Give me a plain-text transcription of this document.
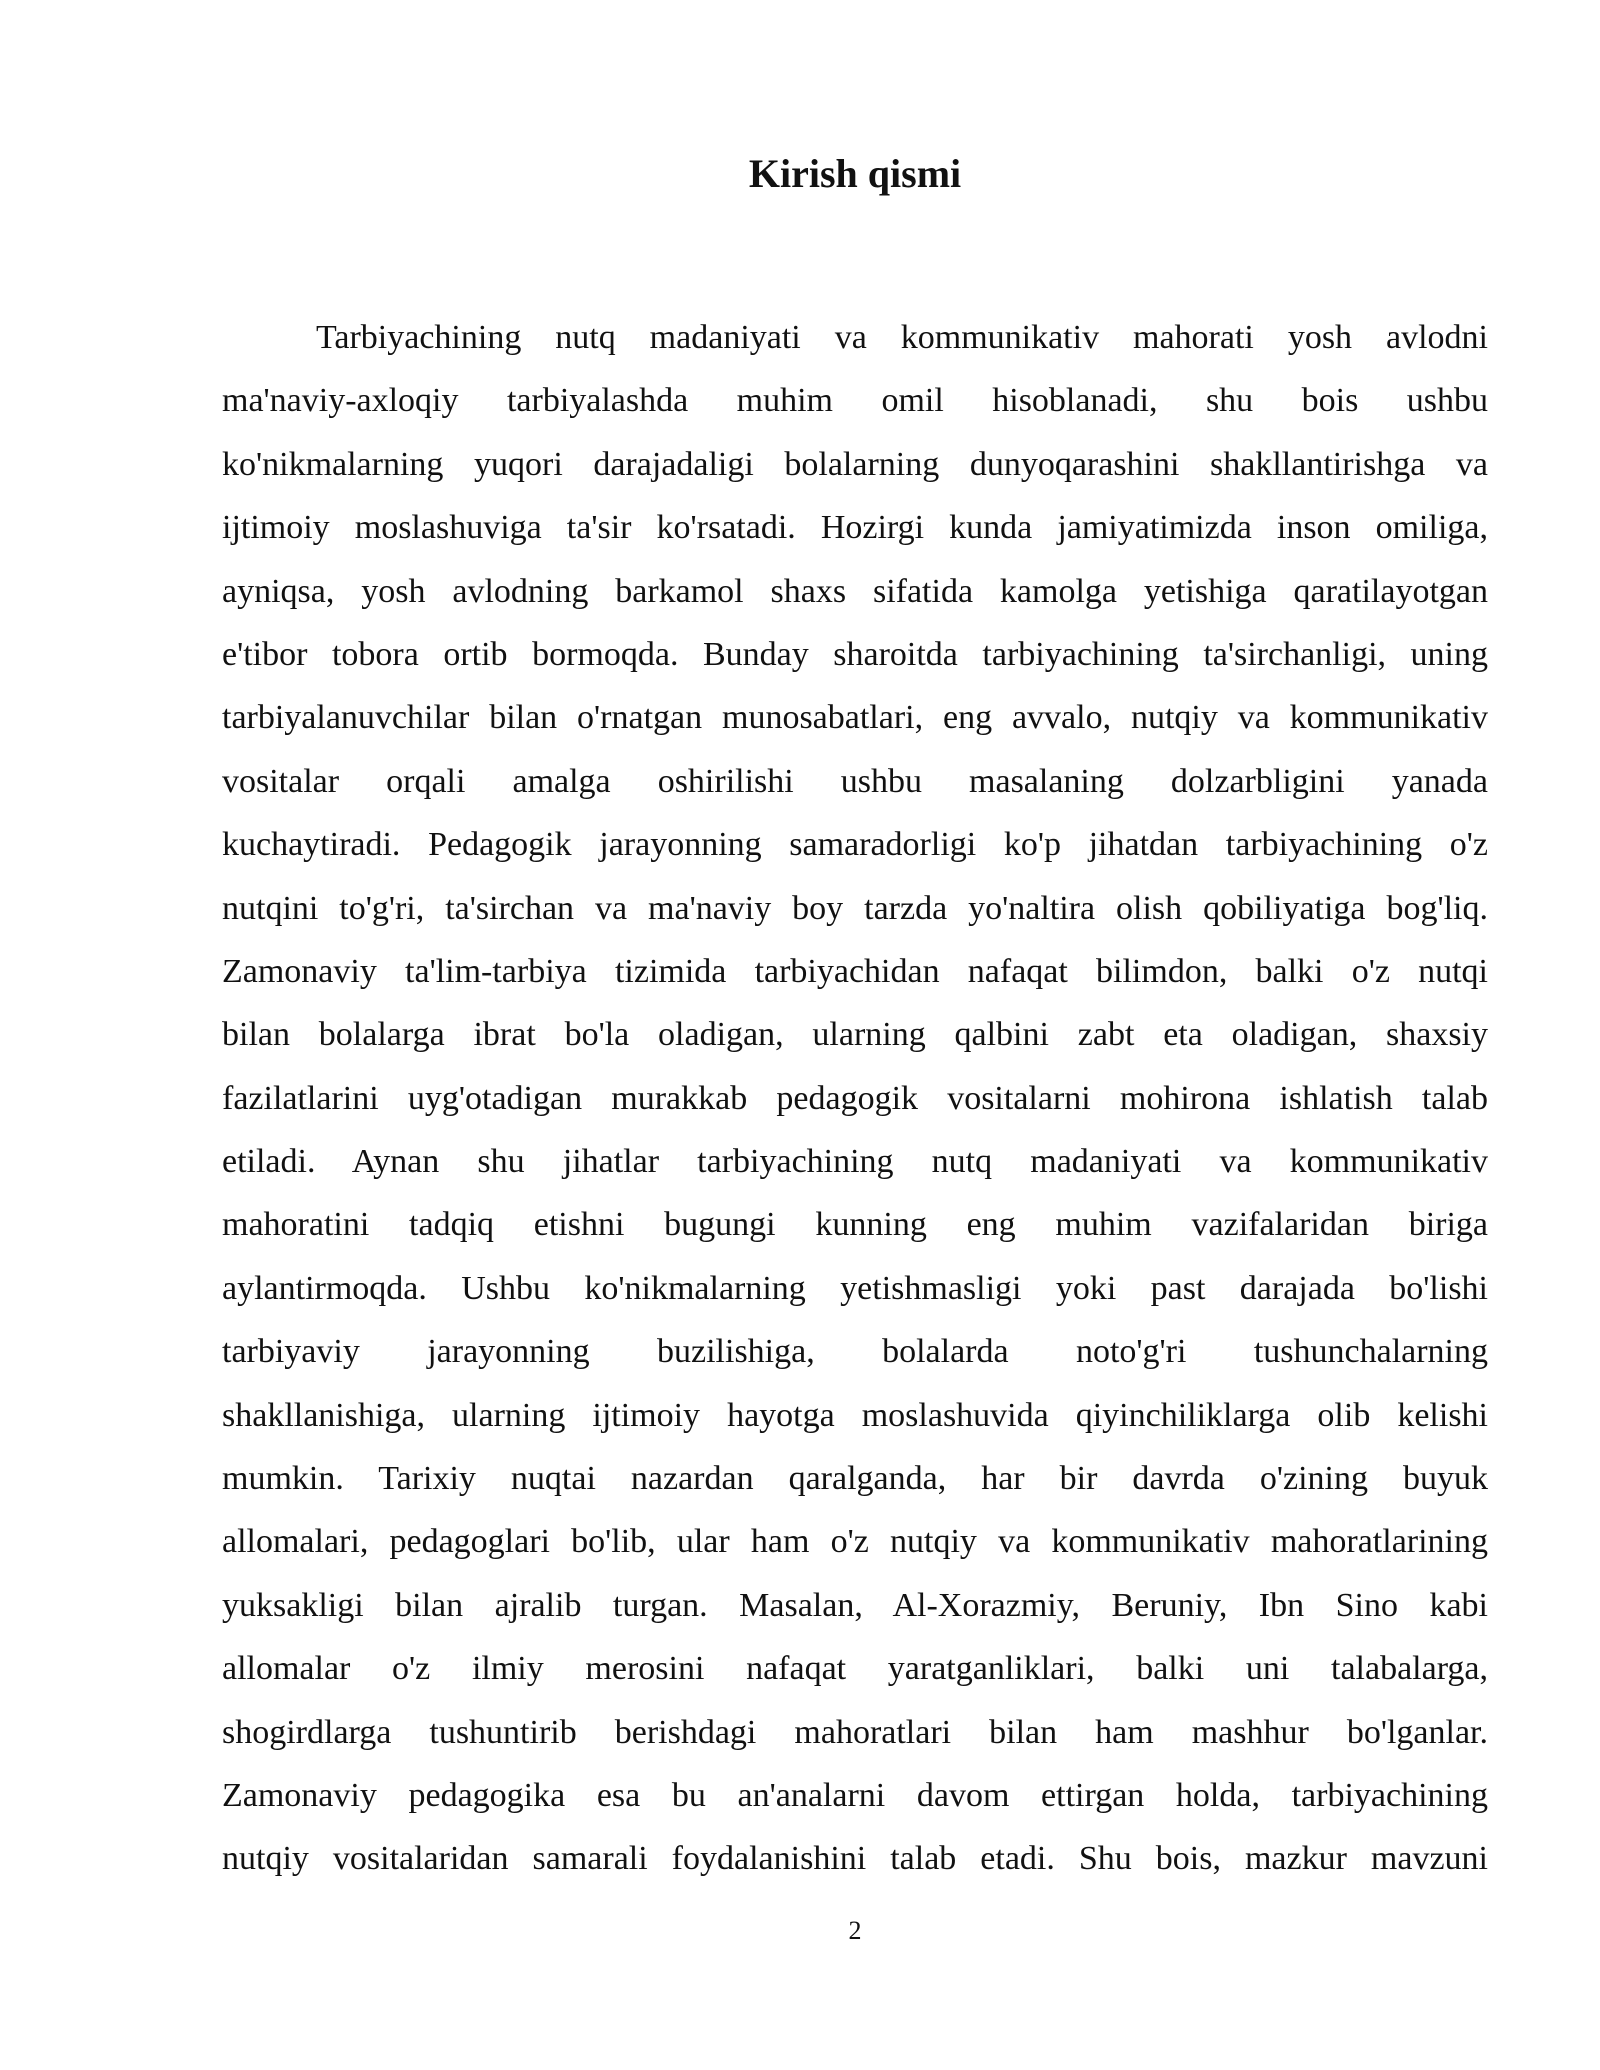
Kirish qismi
Tarbiyachining nutq madaniyati va kommunikativ mahorati yosh avlodni
ma'naviy-axloqiy tarbiyalashda muhim omil hisoblanadi, shu bois ushbu
ko'nikmalarning yuqori darajadaligi bolalarning dunyoqarashini shakllantirishga va
ijtimoiy moslashuviga ta'sir ko'rsatadi. Hozirgi kunda jamiyatimizda inson omiliga,
ayniqsa, yosh avlodning barkamol shaxs sifatida kamolga yetishiga qaratilayotgan
e'tibor tobora ortib bormoqda. Bunday sharoitda tarbiyachining ta'sirchanligi, uning
tarbiyalanuvchilar bilan o'rnatgan munosabatlari, eng avvalo, nutqiy va kommunikativ
vositalar orqali amalga oshirilishi ushbu masalaning dolzarbligini yanada
kuchaytiradi. Pedagogik jarayonning samaradorligi ko'p jihatdan tarbiyachining o'z
nutqini to'g'ri, ta'sirchan va ma'naviy boy tarzda yo'naltira olish qobiliyatiga bog'liq.
Zamonaviy ta'lim-tarbiya tizimida tarbiyachidan nafaqat bilimdon, balki o'z nutqi
bilan bolalarga ibrat bo'la oladigan, ularning qalbini zabt eta oladigan, shaxsiy
fazilatlarini uyg'otadigan murakkab pedagogik vositalarni mohirona ishlatish talab
etiladi. Aynan shu jihatlar tarbiyachining nutq madaniyati va kommunikativ
mahoratini tadqiq etishni bugungi kunning eng muhim vazifalaridan biriga
aylantirmoqda. Ushbu ko'nikmalarning yetishmasligi yoki past darajada bo'lishi
tarbiyaviy jarayonning buzilishiga, bolalarda noto'g'ri tushunchalarning
shakllanishiga, ularning ijtimoiy hayotga moslashuvida qiyinchiliklarga olib kelishi
mumkin. Tarixiy nuqtai nazardan qaralganda, har bir davrda o'zining buyuk
allomalari, pedagoglari bo'lib, ular ham o'z nutqiy va kommunikativ mahoratlarining
yuksakligi bilan ajralib turgan. Masalan, Al-Xorazmiy, Beruniy, Ibn Sino kabi
allomalar o'z ilmiy merosini nafaqat yaratganliklari, balki uni talabalarga,
shogirdlarga tushuntirib berishdagi mahoratlari bilan ham mashhur bo'lganlar.
Zamonaviy pedagogika esa bu an'analarni davom ettirgan holda, tarbiyachining
nutqiy vositalaridan samarali foydalanishini talab etadi. Shu bois, mazkur mavzuni
2
